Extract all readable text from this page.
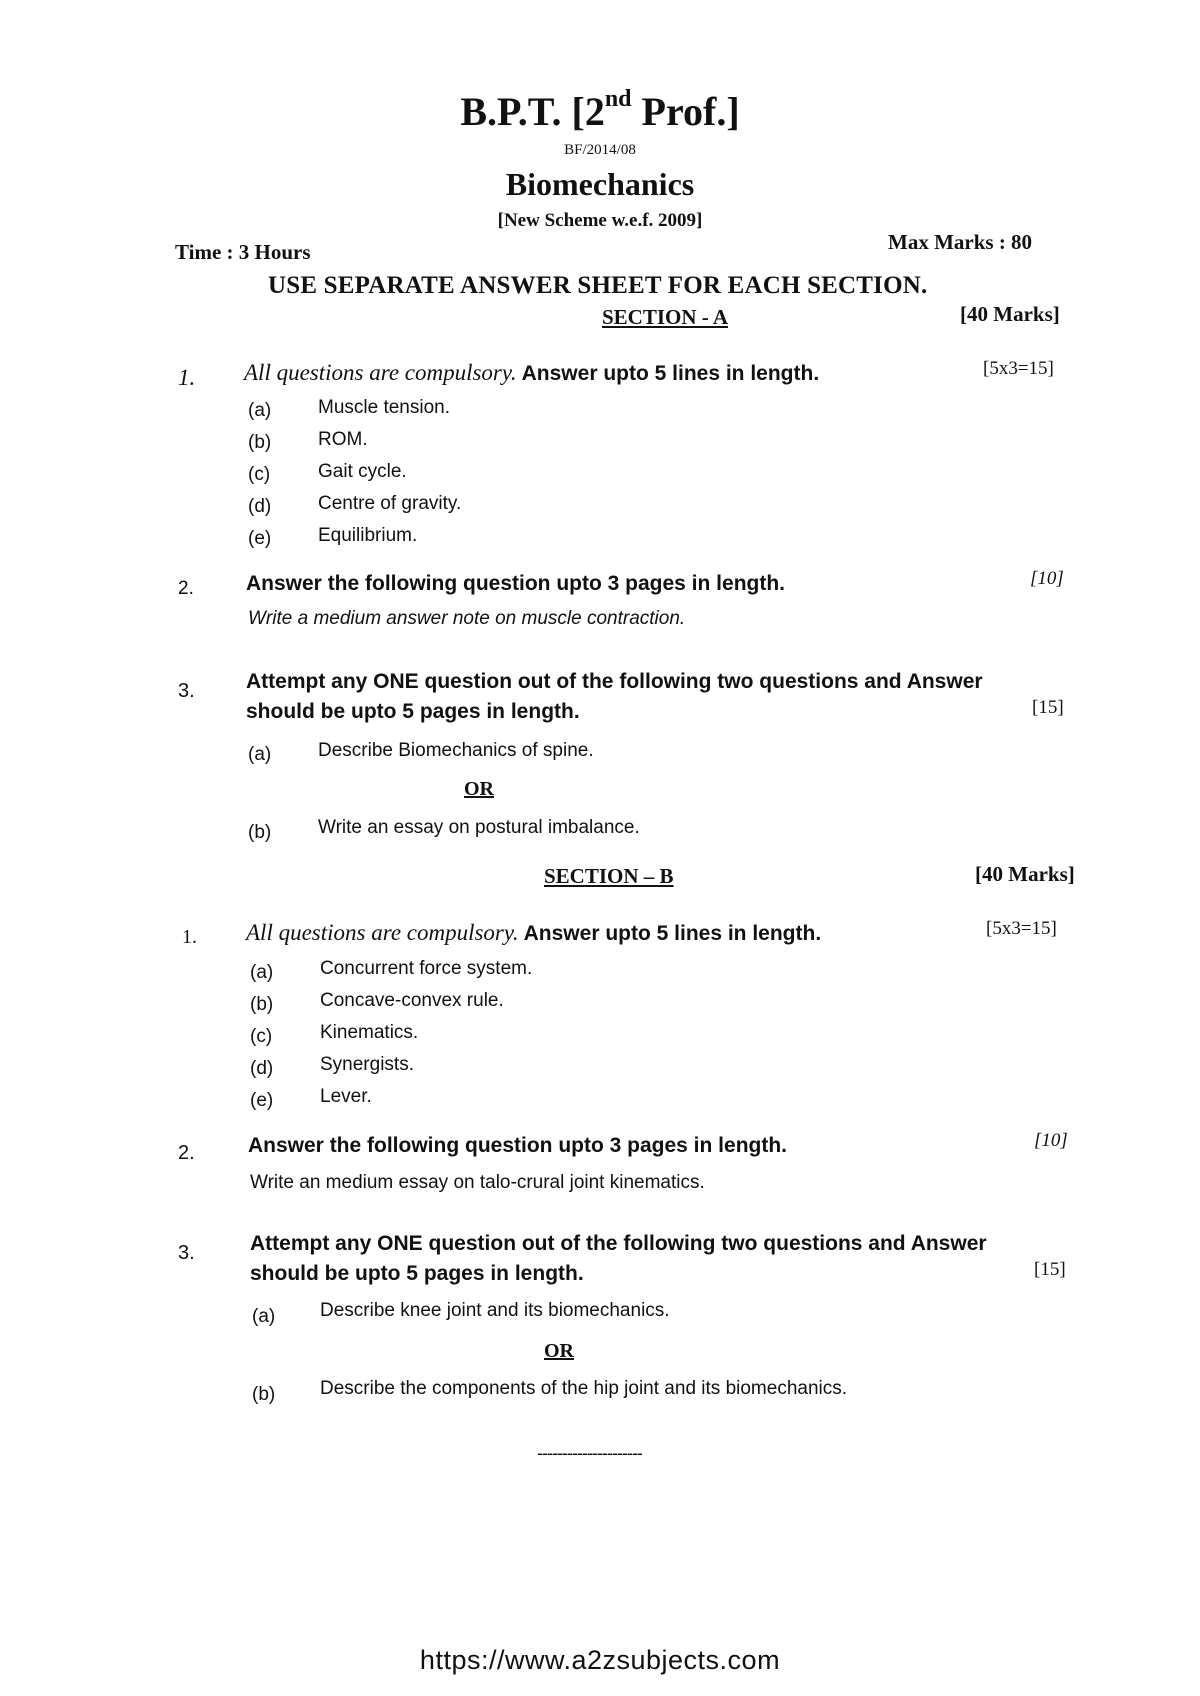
B.P.T. [2nd Prof.]
BF/2014/08
Biomechanics
[New Scheme w.e.f. 2009]
Time : 3 Hours	Max Marks : 80
USE SEPARATE ANSWER SHEET FOR EACH SECTION.
SECTION - A	[40 Marks]
1. All questions are compulsory. Answer upto 5 lines in length.	[5x3=15]
(a) Muscle tension.
(b) ROM.
(c)	Gait cycle.
(d) Centre of gravity.
(e) Equilibrium.
2. Answer the following question upto 3 pages in length.	[10]
Write a medium answer note on muscle contraction.
3. Attempt any ONE question out of the following two questions and Answer
should be upto 5 pages in length.	[15]
(a) Describe Biomechanics of spine.
OR
(b) Write an essay on postural imbalance.
SECTION – B	[40 Marks]
1. All questions are compulsory. Answer upto 5 lines in length.	[5x3=15]
(a) Concurrent force system.
(b) Concave-convex rule.
(c)	Kinematics.
(d) Synergists.
(e) Lever.
2.	Answer the following question upto 3 pages in length.	[10]
Write an medium essay on talo-crural joint kinematics.
3.	Attempt any ONE question out of the following two questions and Answer
should be upto 5 pages in length.	[15]
(a) Describe knee joint and its biomechanics.
OR
(b) Describe the components of the hip joint and its biomechanics.
---------------------
https://www.a2zsubjects.com
